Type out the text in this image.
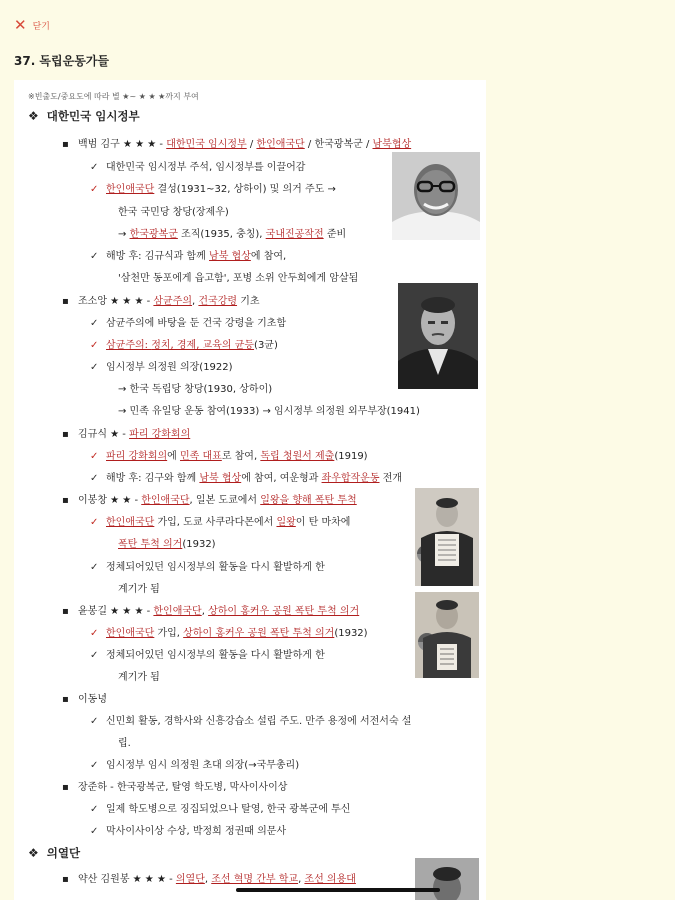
✕ 닫기
37. 독립운동가들
※빈출도/중요도에 따라 별 ★~ ★ ★ ★까지 부여
❖ 대한민국 임시정부
▪ 백범 김구 ★ ★ ★ - 대한민국 임시정부 / 한인애국단 / 한국광복군 / 남북협상
✓ 대한민국 임시정부 주석, 임시정부를 이끌어감
✓ 한인애국단 결성(1931~32, 상하이) 및 의거 주도 →
한국 국민당 창당(장제우)
→ 한국광복군 조직(1935, 충칭), 국내진공작전 준비
✓ 해방 후: 김규식과 함께 남북 협상에 참여,
'삼천만 동포에게 읍고함', 포병 소위 안두희에게 암살됨
▪ 조소앙 ★ ★ ★ - 삼균주의, 건국강령 기초
✓ 삼균주의에 바탕을 둔 건국 강령을 기초함
✓ 삼균주의: 정치, 경제, 교육의 균등(3균)
✓ 임시정부 의정원 의장(1922)
→ 한국 독립당 창당(1930, 상하이)
→ 민족 유일당 운동 참여(1933) → 임시정부 의정원 외무부장(1941)
▪ 김규식 ★ - 파리 강화회의
✓ 파리 강화회의에 민족 대표로 참여, 독립 청원서 제출(1919)
✓ 해방 후: 김구와 함께 남북 협상에 참여, 여운형과 좌우합작운동 전개
▪ 이봉창 ★ ★ - 한인애국단, 일본 도쿄에서 일왕을 향해 폭탄 투척
✓ 한인애국단 가입, 도쿄 사쿠라다몬에서 일왕이 탄 마차에
폭탄 투척 의거(1932)
✓ 정체되어있던 임시정부의 활동을 다시 활발하게 한
계기가 됨
▪ 윤봉길 ★ ★ ★ - 한인애국단, 상하이 홍커우 공원 폭탄 투척 의거
✓ 한인애국단 가입, 상하이 홍커우 공원 폭탄 투척 의거(1932)
✓ 정체되어있던 임시정부의 활동을 다시 활발하게 한
계기가 됨
▪ 이동녕
✓ 신민회 활동, 경학사와 신흥강습소 설립 주도. 만주 용정에 서전서숙 설
립.
✓ 임시정부 임시 의정원 초대 의장(→국무총리)
▪ 장준하 - 한국광복군, 탈영 학도병, 막사이사이상
✓ 일제 학도병으로 징집되었으나 탈영, 한국 광복군에 투신
✓ 막사이사이상 수상, 박정희 정권때 의문사
❖ 의열단
▪ 약산 김원봉 ★ ★ ★ - 의열단, 조선 혁명 간부 학교, 조선 의용대
